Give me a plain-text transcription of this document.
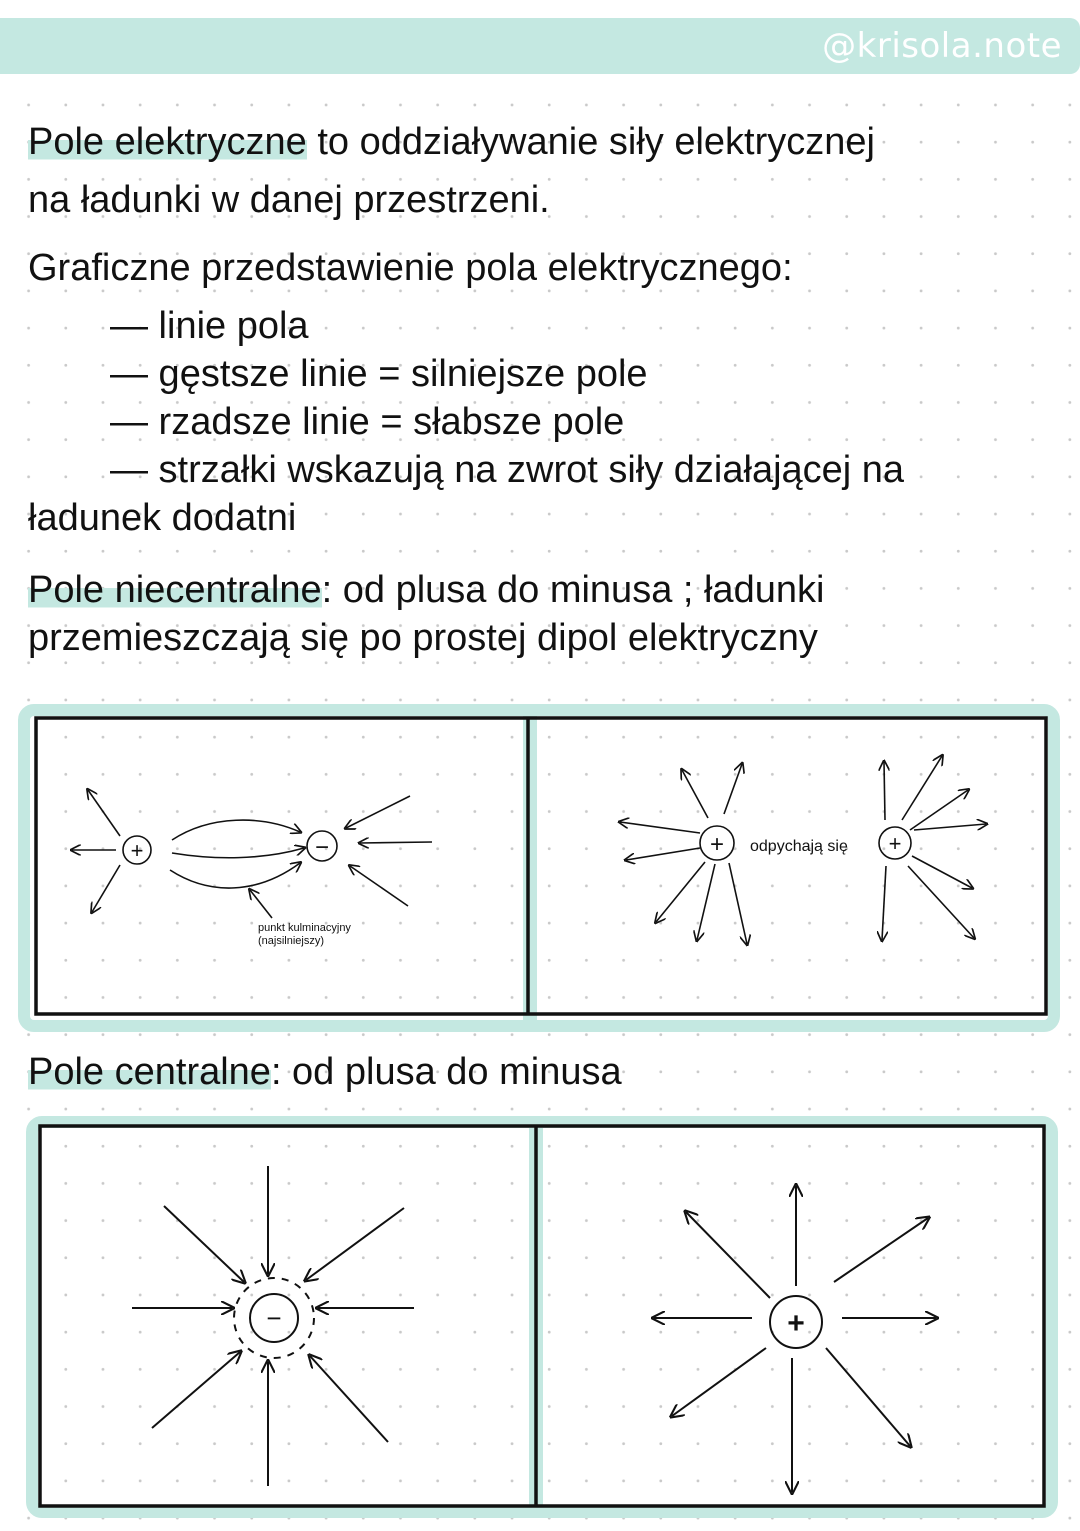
@krisola.note

Pole elektryczne to oddziaływanie siły elektrycznej

na ładunki w danej przestrzeni.

Graficzne przedstawienie pola elektrycznego:

— linie pola
— gęstsze linie = silniejsze pole
— rzadsze linie = słabsze pole
— strzałki wskazują na zwrot siły działającej na
ładunek dodatni

Pole niecentralne: od plusa do minusa ; ładunki

przemieszczają się po prostej dipol elektryczny

+	−
punkt kulminacyjny
(najsilniejszy)
+	+
odpychają się

Pole centralne: od plusa do minusa

−	+
